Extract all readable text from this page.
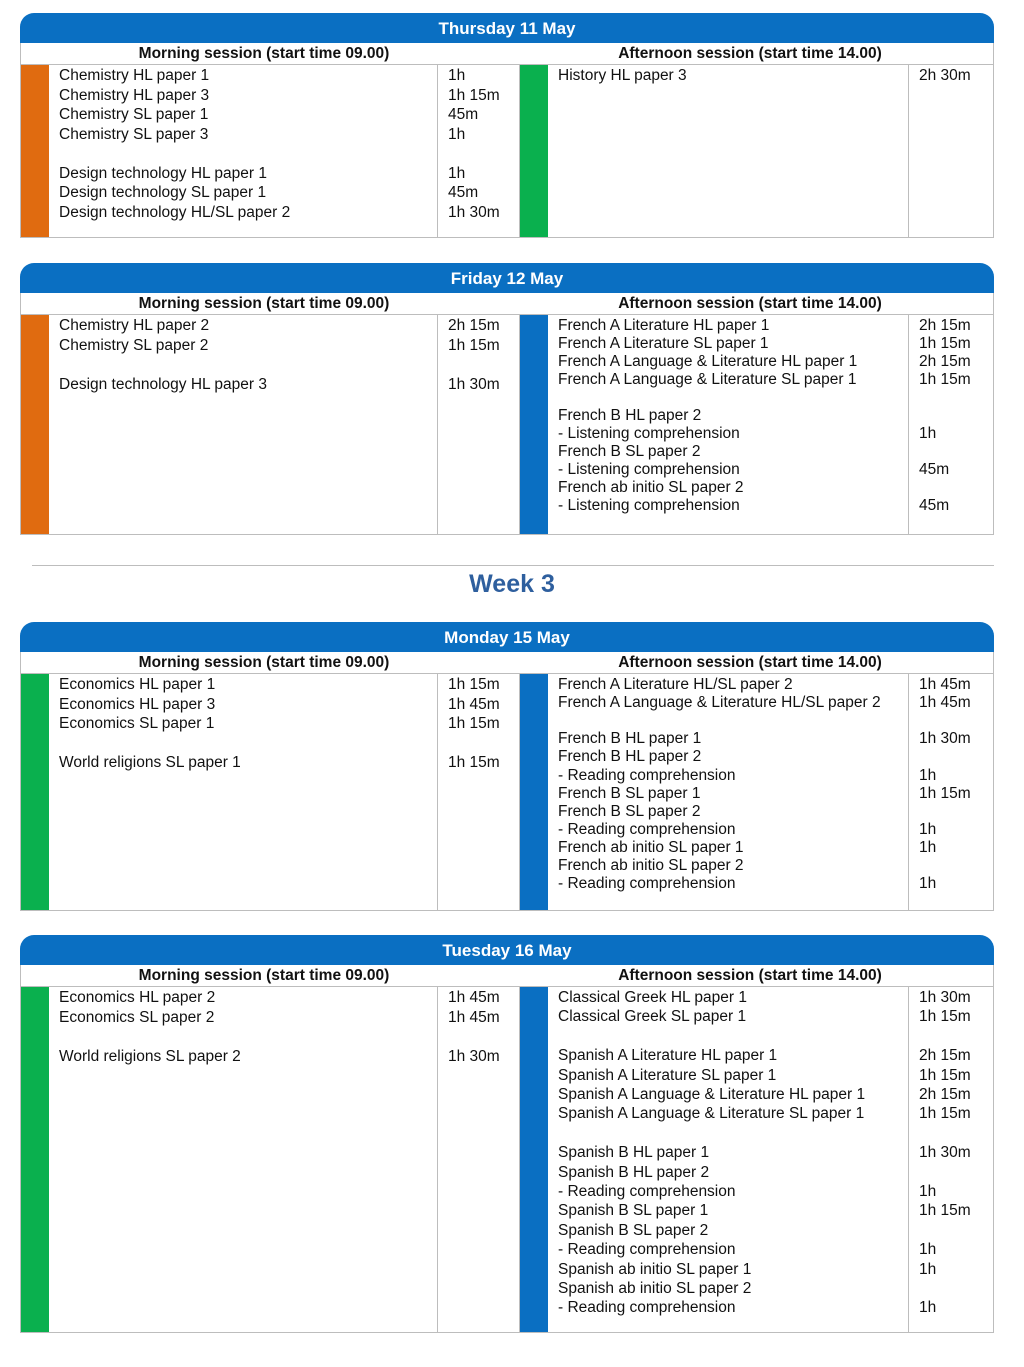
Thursday 11 May
Morning session (start time 09.00)	Afternoon session (start time 14.00)
Chemistry HL paper 1	1h
Chemistry HL paper 3	1h 15m
Chemistry SL paper 1	45m
Chemistry SL paper 3	1h
Design technology HL paper 1	1h
Design technology SL paper 1	45m
Design technology HL/SL paper 2	1h 30m
History HL paper 3	2h 30m
Friday 12 May
Morning session (start time 09.00)	Afternoon session (start time 14.00)
Chemistry HL paper 2	2h 15m
Chemistry SL paper 2	1h 15m
Design technology HL paper 3	1h 30m
French A Literature HL paper 1	2h 15m
French A Literature SL paper 1	1h 15m
French A Language & Literature HL paper 1	2h 15m
French A Language & Literature SL paper 1	1h 15m
French B HL paper 2
- Listening comprehension	1h
French B SL paper 2
- Listening comprehension	45m
French ab initio SL paper 2
- Listening comprehension	45m
Monday 15 May
Morning session (start time 09.00)	Afternoon session (start time 14.00)
Economics HL paper 1	1h 15m
Economics HL paper 3	1h 45m
Economics SL paper 1	1h 15m
World religions SL paper 1	1h 15m
French A Literature HL/SL paper 2	1h 45m
French A Language & Literature HL/SL paper 2 1h 45m
French B HL paper 1	1h 30m
French B HL paper 2
- Reading comprehension	1h
French B SL paper 1	1h 15m
French B SL paper 2
- Reading comprehension	1h
French ab initio SL paper 1	1h
French ab initio SL paper 2
- Reading comprehension	1h
Tuesday 16 May
Morning session (start time 09.00)	Afternoon session (start time 14.00)
Economics HL paper 2	1h 45m
Economics SL paper 2	1h 45m
World religions SL paper 2	1h 30m
Classical Greek HL paper 1	1h 30m
Classical Greek SL paper 1	1h 15m
Spanish A Literature HL paper 1	2h 15m
Spanish A Literature SL paper 1	1h 15m
Spanish A Language & Literature HL paper 1	2h 15m
Spanish A Language & Literature SL paper 1	1h 15m
Spanish B HL paper 1	1h 30m
Spanish B HL paper 2
- Reading comprehension	1h
Spanish B SL paper 1	1h 15m
Spanish B SL paper 2
- Reading comprehension	1h
Spanish ab initio SL paper 1	1h
Spanish ab initio SL paper 2
- Reading comprehension	1h
Week 3
